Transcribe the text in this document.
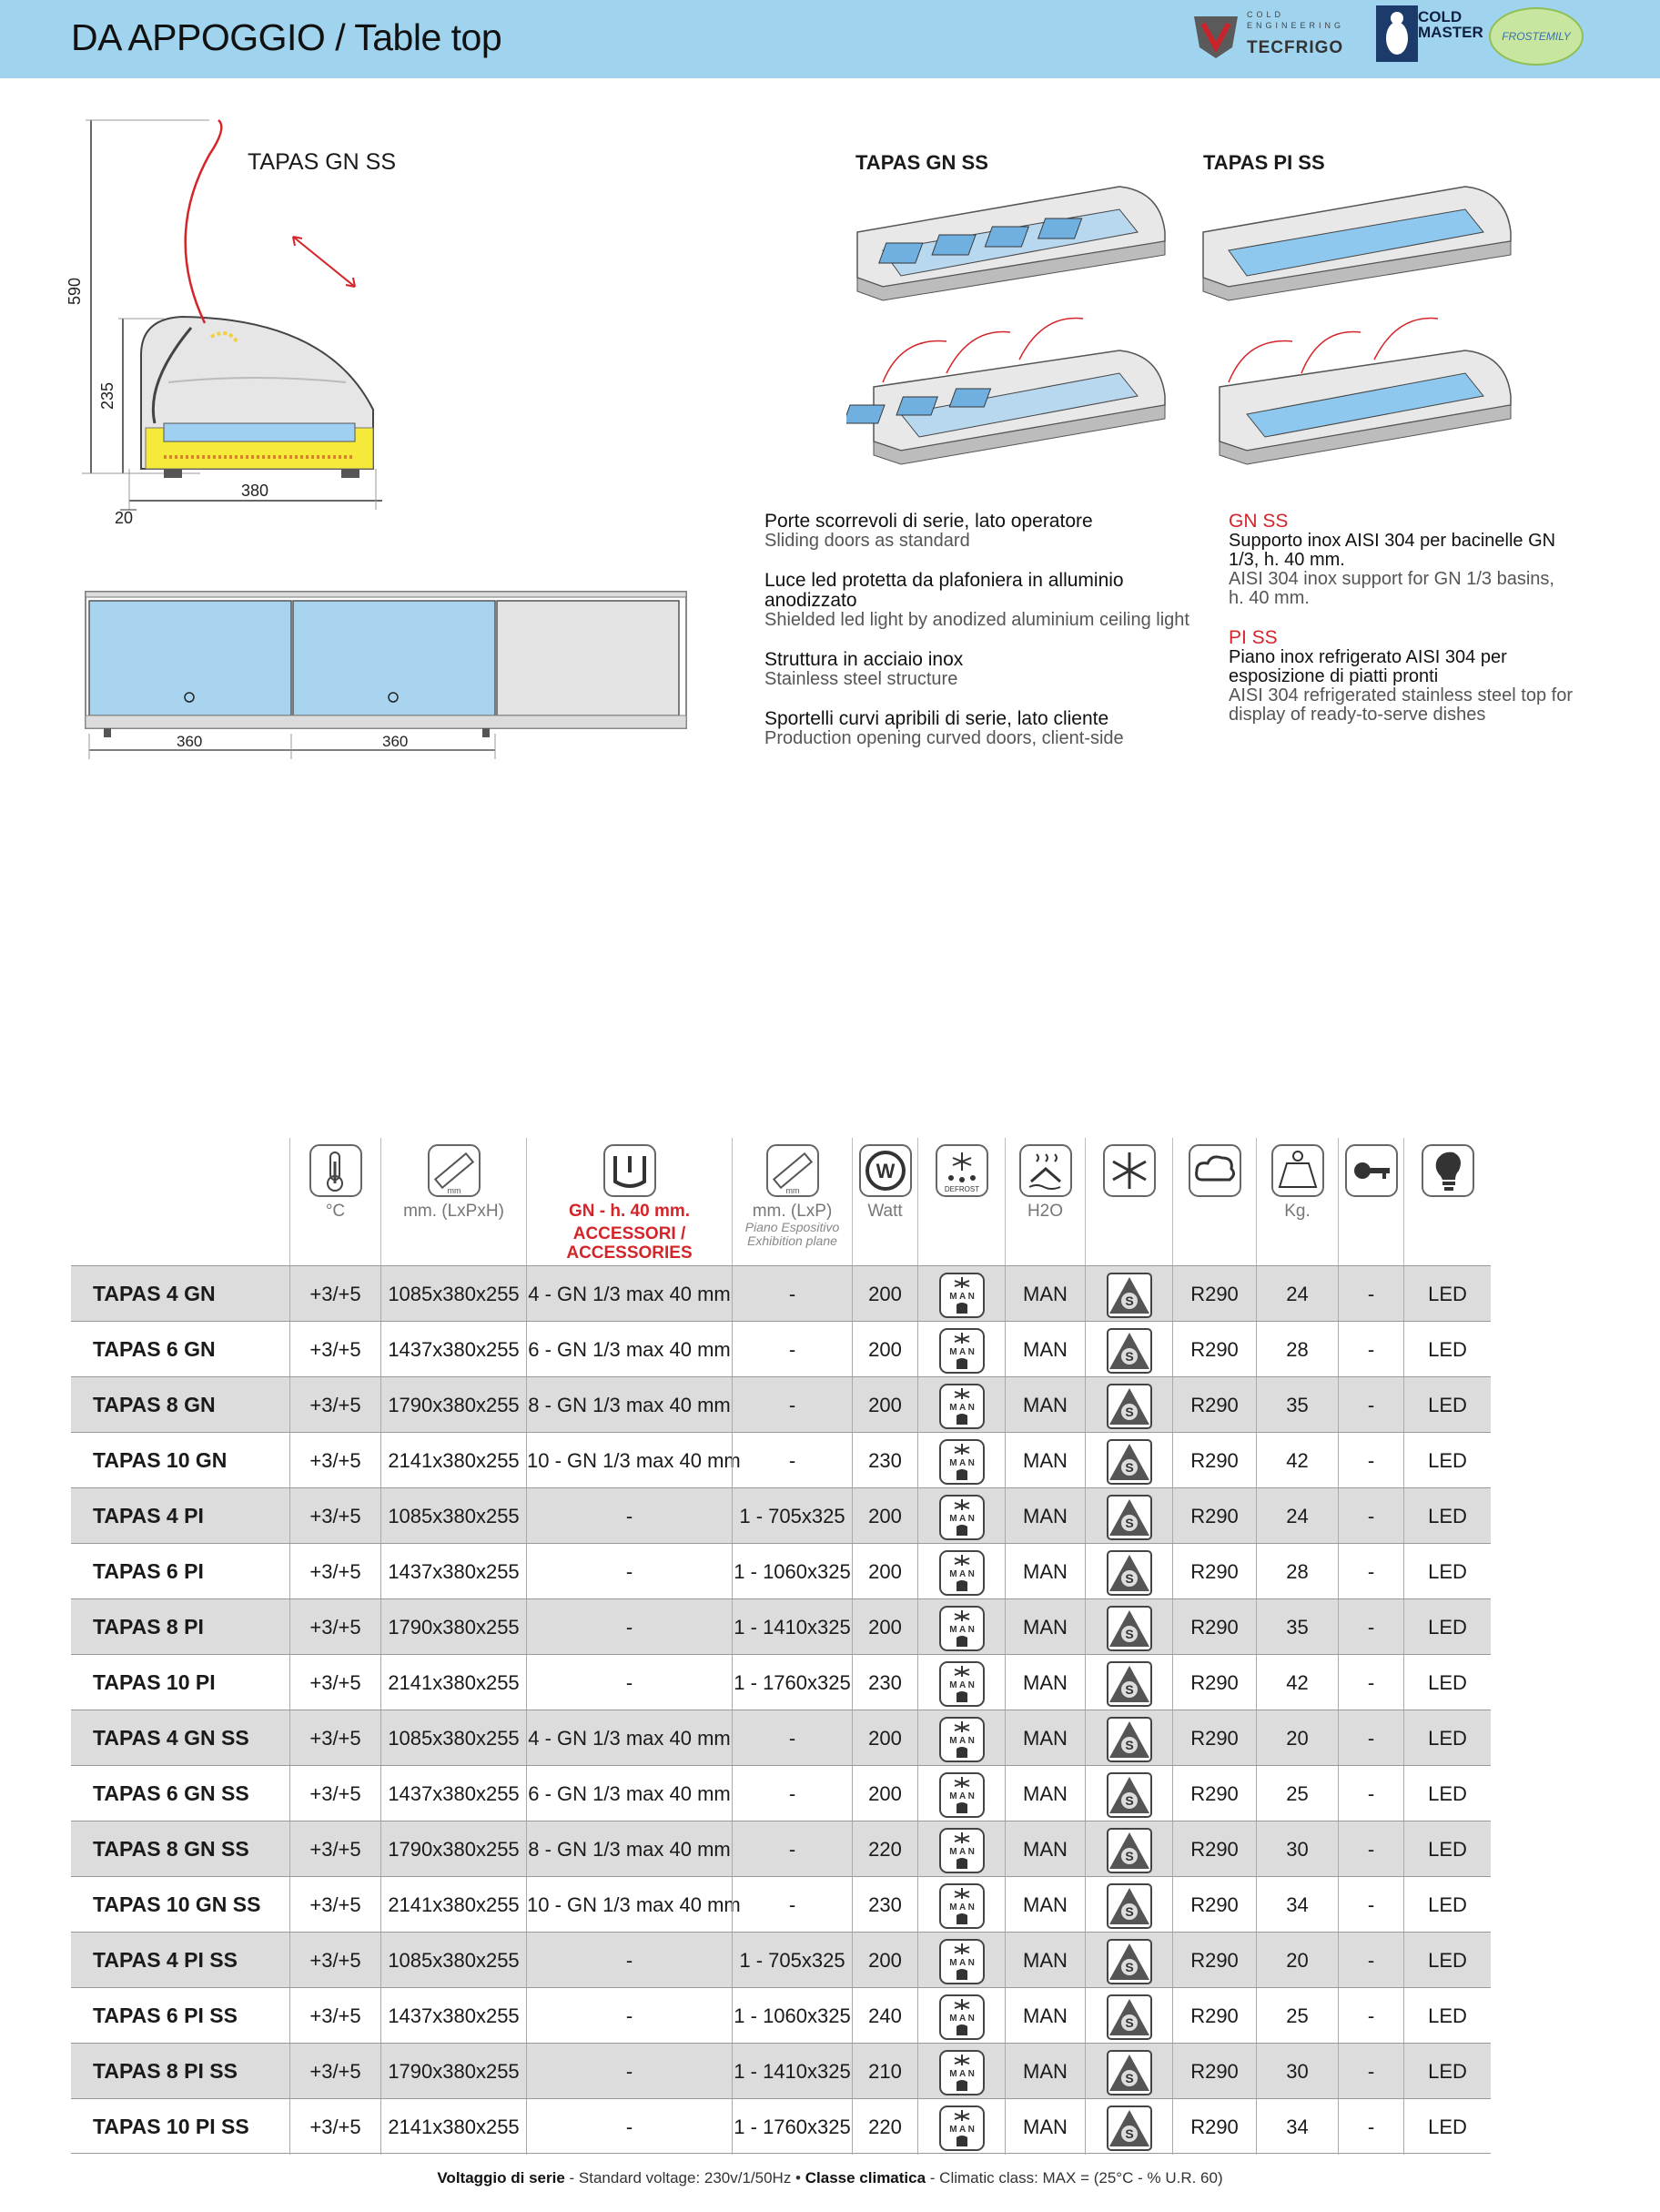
DA APPOGGIO / Table top
COLD ENGINEERING
TECFRIGO
COLD MASTER	FROSTEMILY
TAPAS GN SS
590
235
380
20
360	360
TAPAS GN SS	TAPAS PI SS
Porte scorrevoli di serie, lato operatore
Sliding doors as standard
Luce led protetta da plafoniera in alluminio anodizzato
Shielded led light by anodized aluminium ceiling light
Struttura in acciaio inox
Stainless steel structure
Sportelli curvi apribili di serie, lato cliente
Production opening curved doors, client-side
GN SS
Supporto inox AISI 304 per bacinelle GN 1/3, h. 40 mm.
AISI 304 inox support for GN 1/3 basins, h. 40 mm.
PI SS
Piano inox refrigerato AISI 304 per esposizione di piatti pronti
AISI 304 refrigerated stainless steel top for display of ready-to-serve dishes
°C
mm
mm. (LxPxH)	GN - h. 40 mm.
ACCESSORI / ACCESSORIES
mm
mm. (LxP)
Piano Espositivo
Exhibition plane
W
Watt
DEFROST
H2O	Kg.
TAPAS 4 GN	+3/+5	1085x380x255 4 - GN 1/3 max 40 mm	-	200	M A N	MAN	S	R290	24	-	LED
TAPAS 6 GN	+3/+5	1437x380x255 6 - GN 1/3 max 40 mm	-	200	M A N	MAN	S	R290	28	-	LED
TAPAS 8 GN	+3/+5	1790x380x255 8 - GN 1/3 max 40 mm	-	200	M A N	MAN	S	R290	35	-	LED
TAPAS 10 GN	+3/+5	2141x380x255 10 - GN 1/3 max 40 mm	-	230	M A N	MAN	S	R290	42	-	LED
TAPAS 4 PI	+3/+5	1085x380x255	-	1 - 705x325	200	M A N	MAN	S	R290	24	-	LED
TAPAS 6 PI	+3/+5	1437x380x255	-	1 - 1060x325 200	M A N	MAN	S	R290	28	-	LED
TAPAS 8 PI	+3/+5	1790x380x255	-	1 - 1410x325 200	M A N	MAN	S	R290	35	-	LED
TAPAS 10 PI	+3/+5	2141x380x255	-	1 - 1760x325 230	M A N	MAN	S	R290	42	-	LED
TAPAS 4 GN SS	+3/+5	1085x380x255 4 - GN 1/3 max 40 mm	-	200	M A N	MAN	S	R290	20	-	LED
TAPAS 6 GN SS	+3/+5	1437x380x255 6 - GN 1/3 max 40 mm	-	200	M A N	MAN	S	R290	25	-	LED
TAPAS 8 GN SS	+3/+5	1790x380x255 8 - GN 1/3 max 40 mm	-	220	M A N	MAN	S	R290	30	-	LED
TAPAS 10 GN SS	+3/+5	2141x380x255 10 - GN 1/3 max 40 mm	-	230	M A N	MAN	S	R290	34	-	LED
TAPAS 4 PI SS	+3/+5	1085x380x255	-	1 - 705x325	200	M A N	MAN	S	R290	20	-	LED
TAPAS 6 PI SS	+3/+5	1437x380x255	-	1 - 1060x325 240	M A N	MAN	S	R290	25	-	LED
TAPAS 8 PI SS	+3/+5	1790x380x255	-	1 - 1410x325 210	M A N	MAN	S	R290	30	-	LED
TAPAS 10 PI SS	+3/+5	2141x380x255	-	1 - 1760x325 220	M A N	MAN	S	R290	34	-	LED
Voltaggio di serie - Standard voltage: 230v/1/50Hz • Classe climatica - Climatic class: MAX = (25°C - % U.R. 60)
